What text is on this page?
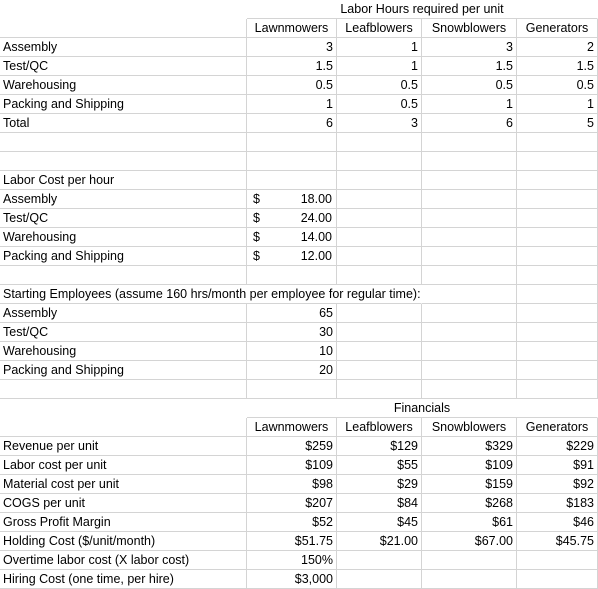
Labor Hours required per unit
Lawnmowers	Leafblowers	Snowblowers	Generators
Assembly	3	1	3	2
Test/QC	1.5	1	1.5	1.5
Warehousing	0.5	0.5	0.5	0.5
Packing and Shipping	1	0.5	1	1
Total	6	3	6	5
Labor Cost per hour
Assembly	$	18.00
Test/QC	$	24.00
Warehousing	$	14.00
Packing and Shipping	$	12.00
Starting Employees (assume 160 hrs/month per employee for regular time):
Assembly	65
Test/QC	30
Warehousing	10
Packing and Shipping	20
Financials
Lawnmowers	Leafblowers	Snowblowers	Generators
Revenue per unit	$259	$129	$329	$229
Labor cost per unit	$109	$55	$109	$91
Material cost per unit	$98	$29	$159	$92
COGS per unit	$207	$84	$268	$183
Gross Profit Margin	$52	$45	$61	$46
Holding Cost ($/unit/month)	$51.75	$21.00	$67.00	$45.75
Overtime labor cost (X labor cost)	150%
Hiring Cost (one time, per hire)	$3,000
